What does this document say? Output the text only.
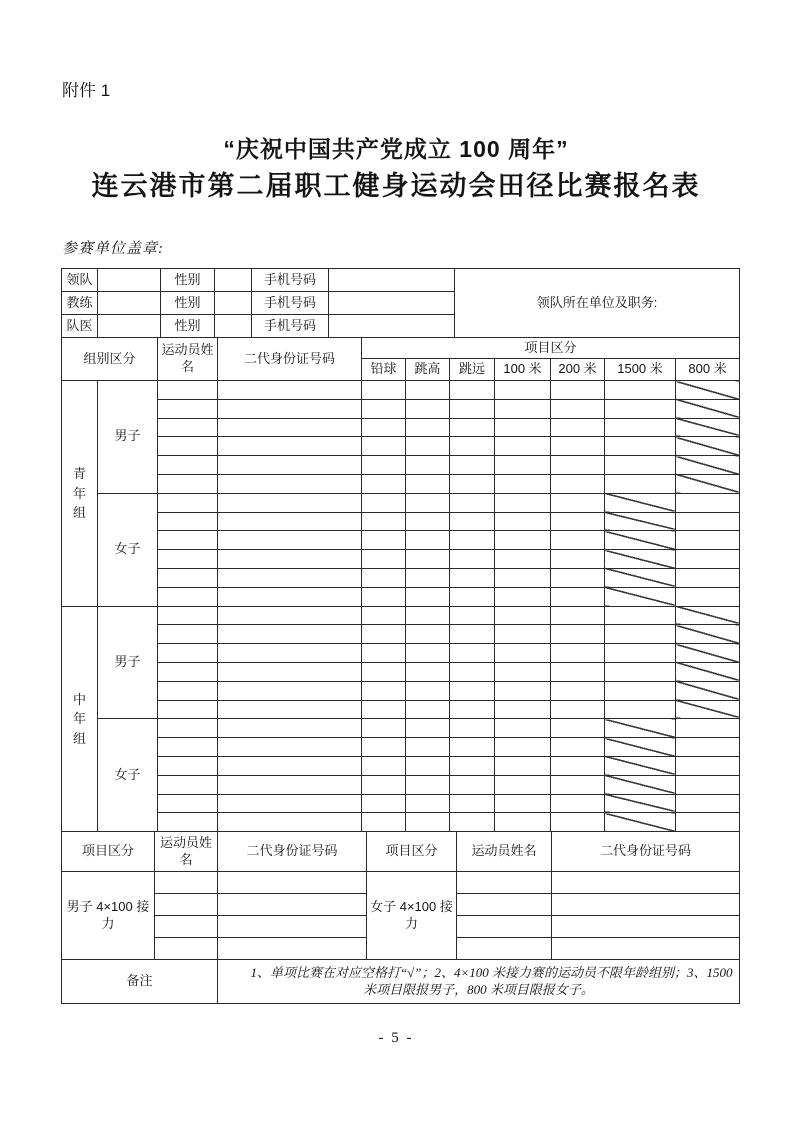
附件 1
“庆祝中国共产党成立 100 周年”
连云港市第二届职工健身运动会田径比赛报名表
参赛单位盖章:
领队		性别		手机号码		领队所在单位及职务:
教练		性别		手机号码		
队医		性别		手机号码		
组别区分		运动员姓名	二代身份证号码	项目区分						
				铅球	跳高	跳远	100 米	200 米	1500 米	800 米

青年组	男子									

	女子									

中年组	男子									

	女子									

项目区分	运动员姓名	二代身份证号码	项目区分	运动员姓名	二代身份证号码
男子 4×100 接力			女子 4×100 接力		

备注		1、单项比赛在对应空格打“√”；2、4×100 米接力赛的运动员不限年龄组别；3、1500 米项目限报男子，800 米项目限报女子。			
- 5 -
